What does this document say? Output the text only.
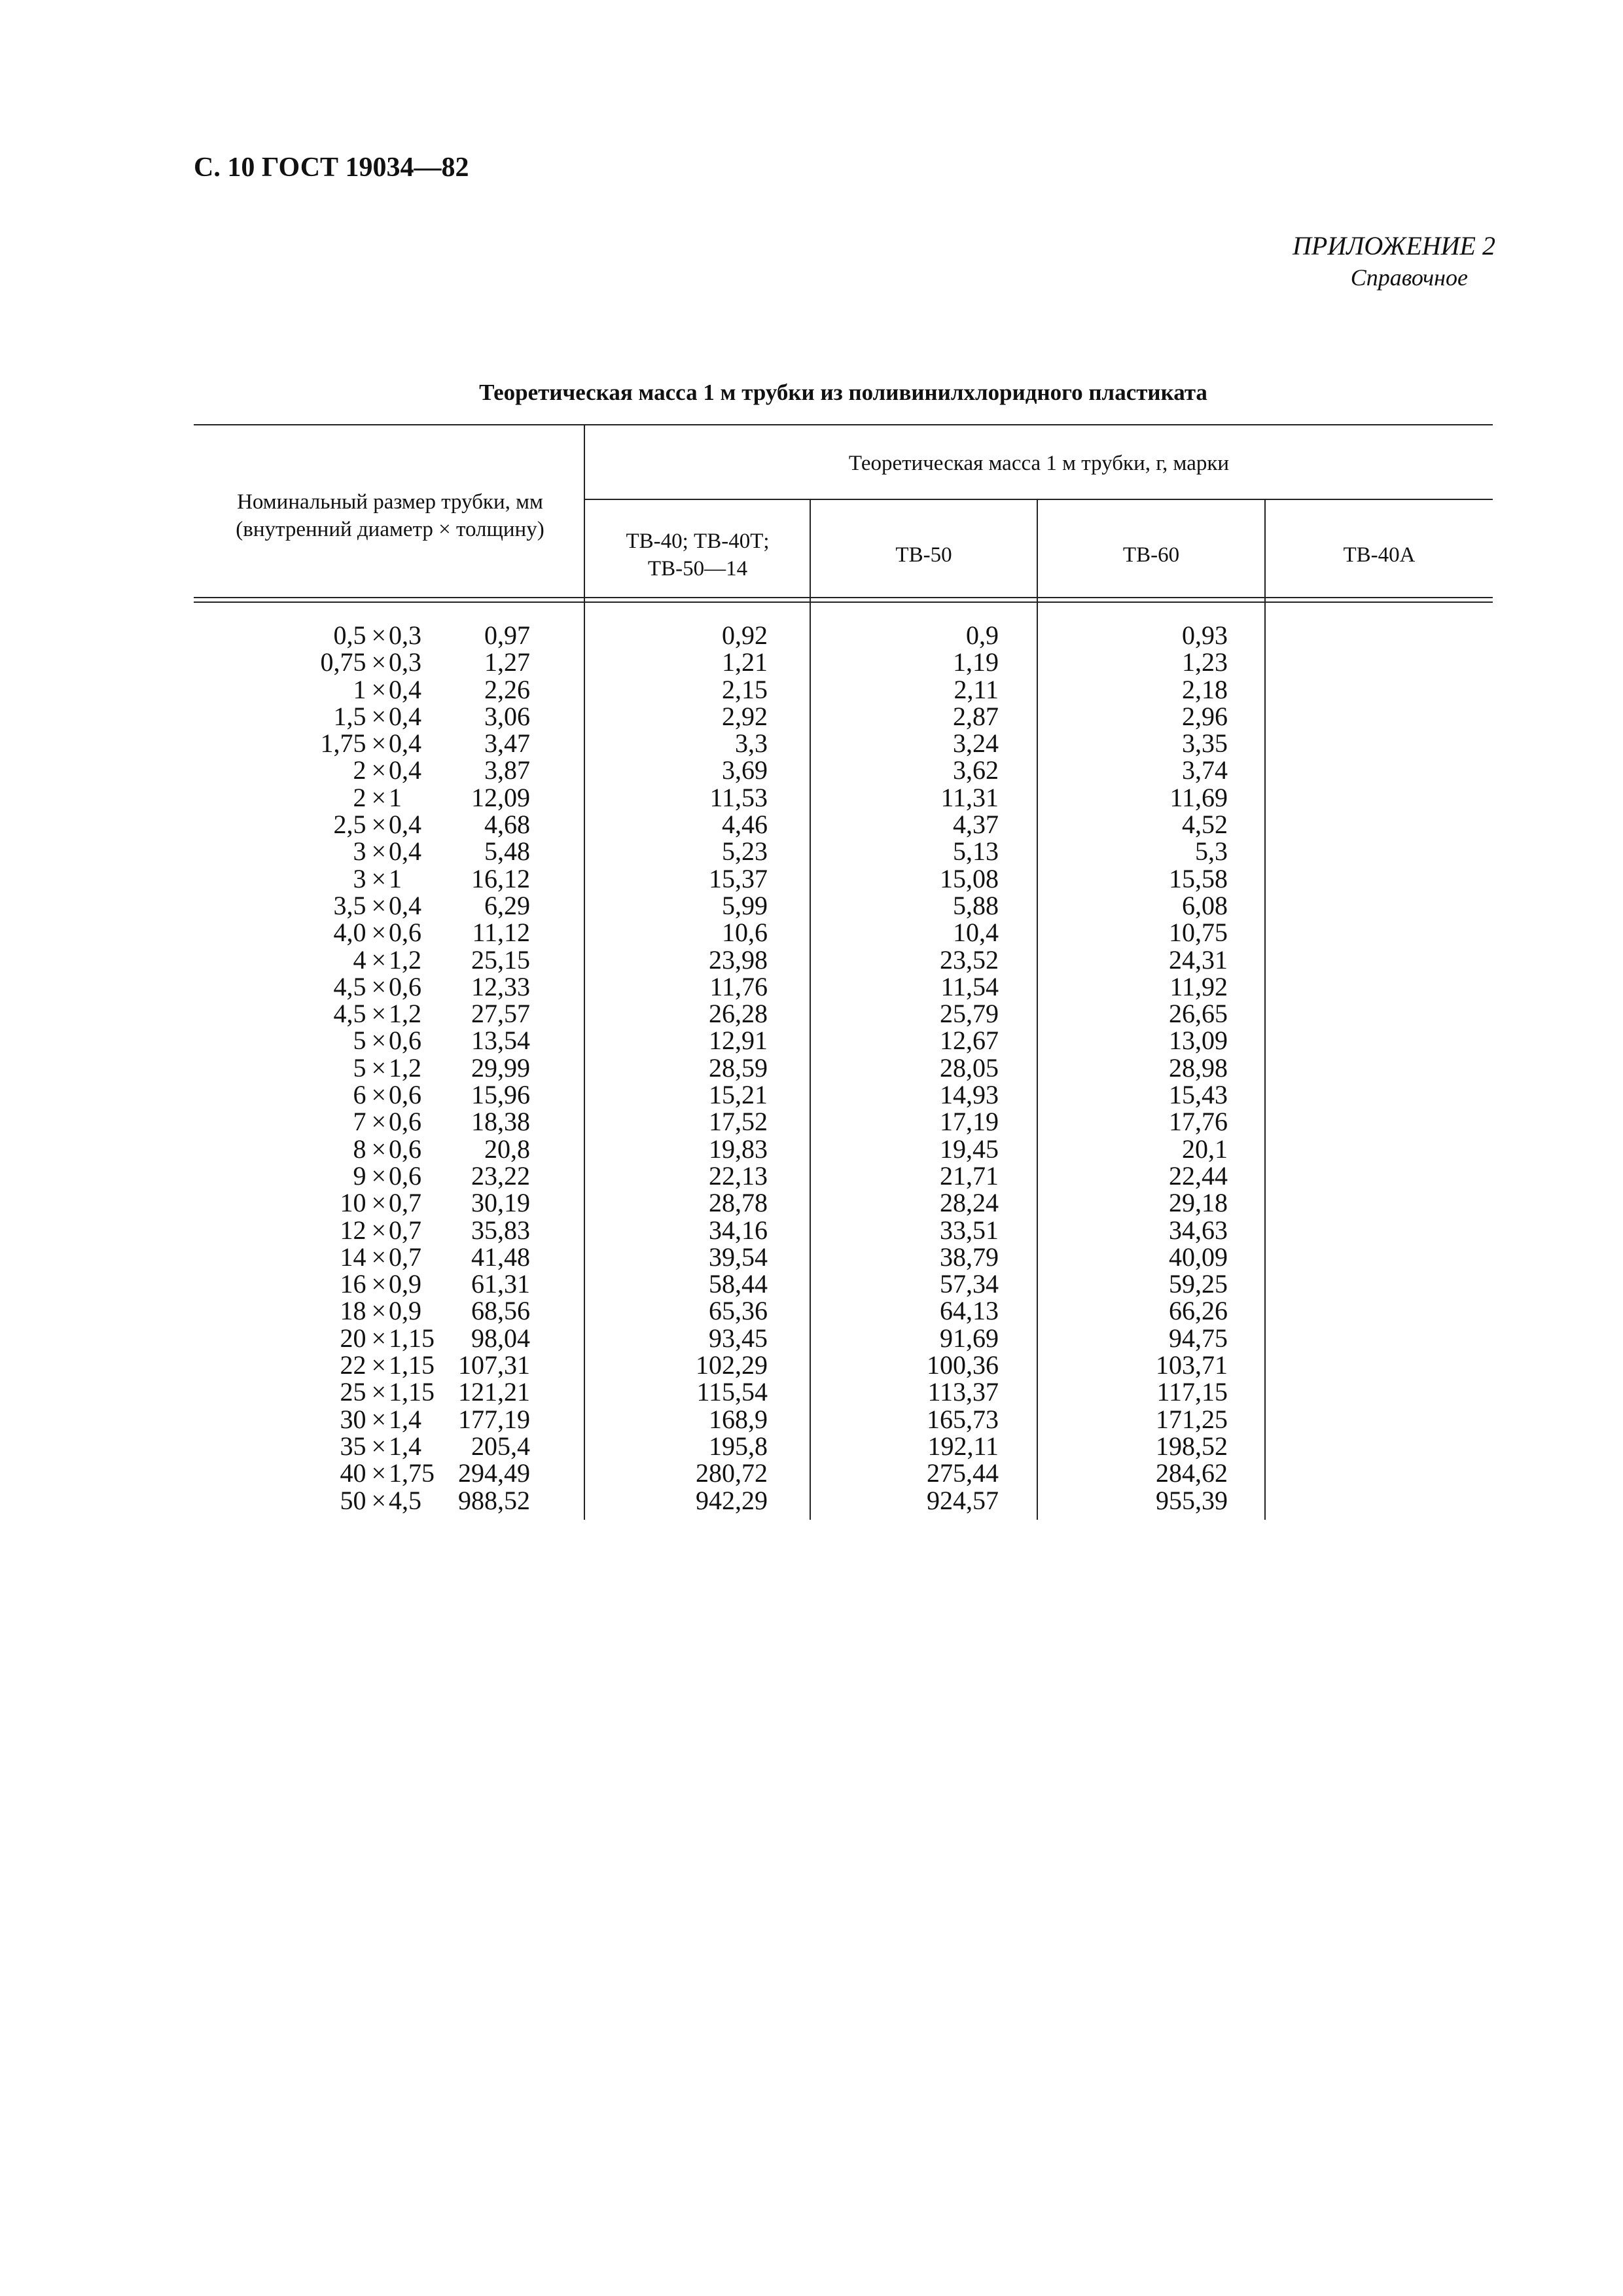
С. 10 ГОСТ 19034—82
ПРИЛОЖЕНИЕ 2
Справочное
Теоретическая масса 1 м трубки из поливинилхлоридного пластиката
Номинальный размер трубки, мм (внутренний диаметр × толщину)
Теоретическая масса 1 м трубки, г, марки
ТВ-40; ТВ-40Т; ТВ-50—14
ТВ-50	ТВ-60	ТВ-40А
0,5 × 0,3
0,75 × 0,3
1 × 0,4
1,5 × 0,4
1,75 × 0,4
2 × 0,4
2 × 1
2,5 × 0,4
3 × 0,4
3 × 1
3,5 × 0,4
4,0 × 0,6
4 × 1,2
4,5 × 0,6
4,5 × 1,2
5 × 0,6
5 × 1,2
6 × 0,6
7 × 0,6
8 × 0,6
9 × 0,6
10 × 0,7
12 × 0,7
14 × 0,7
16 × 0,9
18 × 0,9
20 × 1,15
22 × 1,15
25 × 1,15
30 × 1,4
35 × 1,4
40 × 1,75
50 × 4,5
0,97
1,27
2,26
3,06
3,47
3,87
12,09
4,68
5,48
16,12
6,29
11,12
25,15
12,33
27,57
13,54
29,99
15,96
18,38
20,8
23,22
30,19
35,83
41,48
61,31
68,56
98,04
107,31
121,21
177,19
205,4
294,49
988,52
0,92
1,21
2,15
2,92
3,3
3,69
11,53
4,46
5,23
15,37
5,99
10,6
23,98
11,76
26,28
12,91
28,59
15,21
17,52
19,83
22,13
28,78
34,16
39,54
58,44
65,36
93,45
102,29
115,54
168,9
195,8
280,72
942,29
0,9
1,19
2,11
2,87
3,24
3,62
11,31
4,37
5,13
15,08
5,88
10,4
23,52
11,54
25,79
12,67
28,05
14,93
17,19
19,45
21,71
28,24
33,51
38,79
57,34
64,13
91,69
100,36
113,37
165,73
192,11
275,44
924,57
0,93
1,23
2,18
2,96
3,35
3,74
11,69
4,52
5,3
15,58
6,08
10,75
24,31
11,92
26,65
13,09
28,98
15,43
17,76
20,1
22,44
29,18
34,63
40,09
59,25
66,26
94,75
103,71
117,15
171,25
198,52
284,62
955,39
